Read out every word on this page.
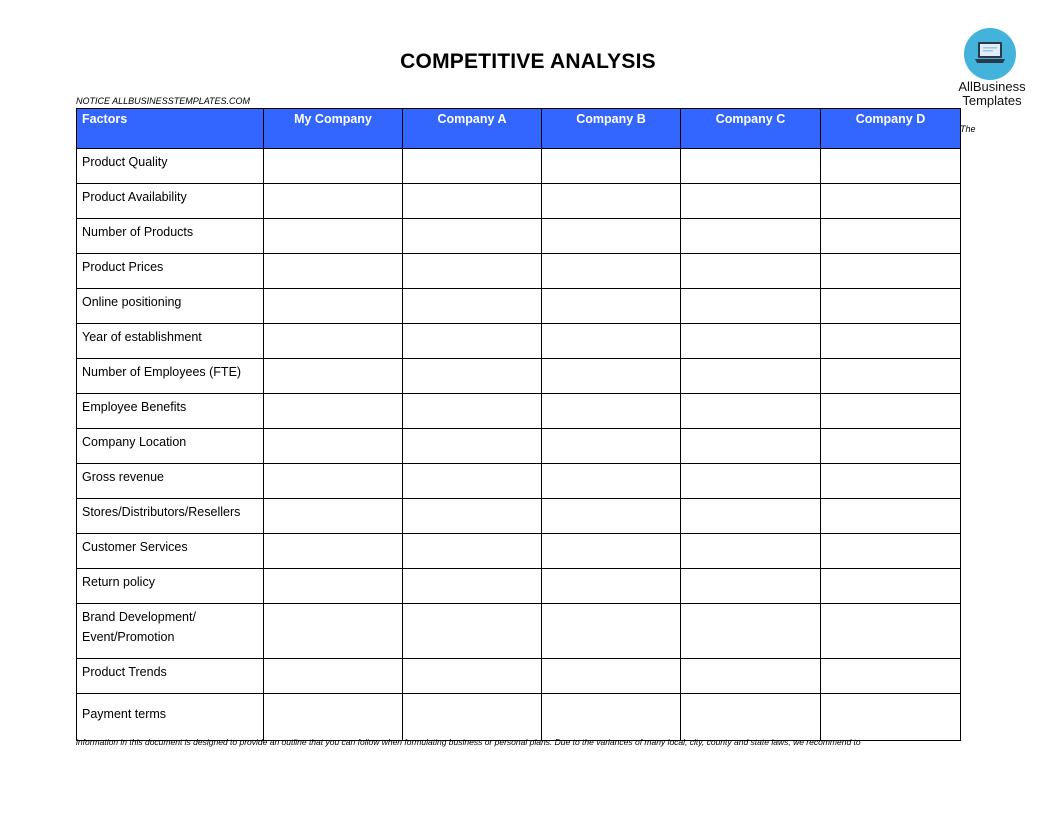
COMPETITIVE ANALYSIS
NOTICE ALLBUSINESSTEMPLATES.COM
AllBusiness
Templates
The
Factors	My Company	Company A	Company B	Company C	Company D
Product Quality					
Product Availability					
Number of Products					
Product Prices					
Online positioning					
Year of establishment					
Number of Employees (FTE)					
Employee Benefits					
Company Location					
Gross revenue					
Stores/Distributors/Resellers					
Customer Services					
Return policy					
Brand Development/ Event/Promotion					
Product Trends					
Payment terms					
information in this document is designed to provide an outline that you can follow when formulating business or personal plans. Due to the variances of many local, city, county and state laws, we recommend to
